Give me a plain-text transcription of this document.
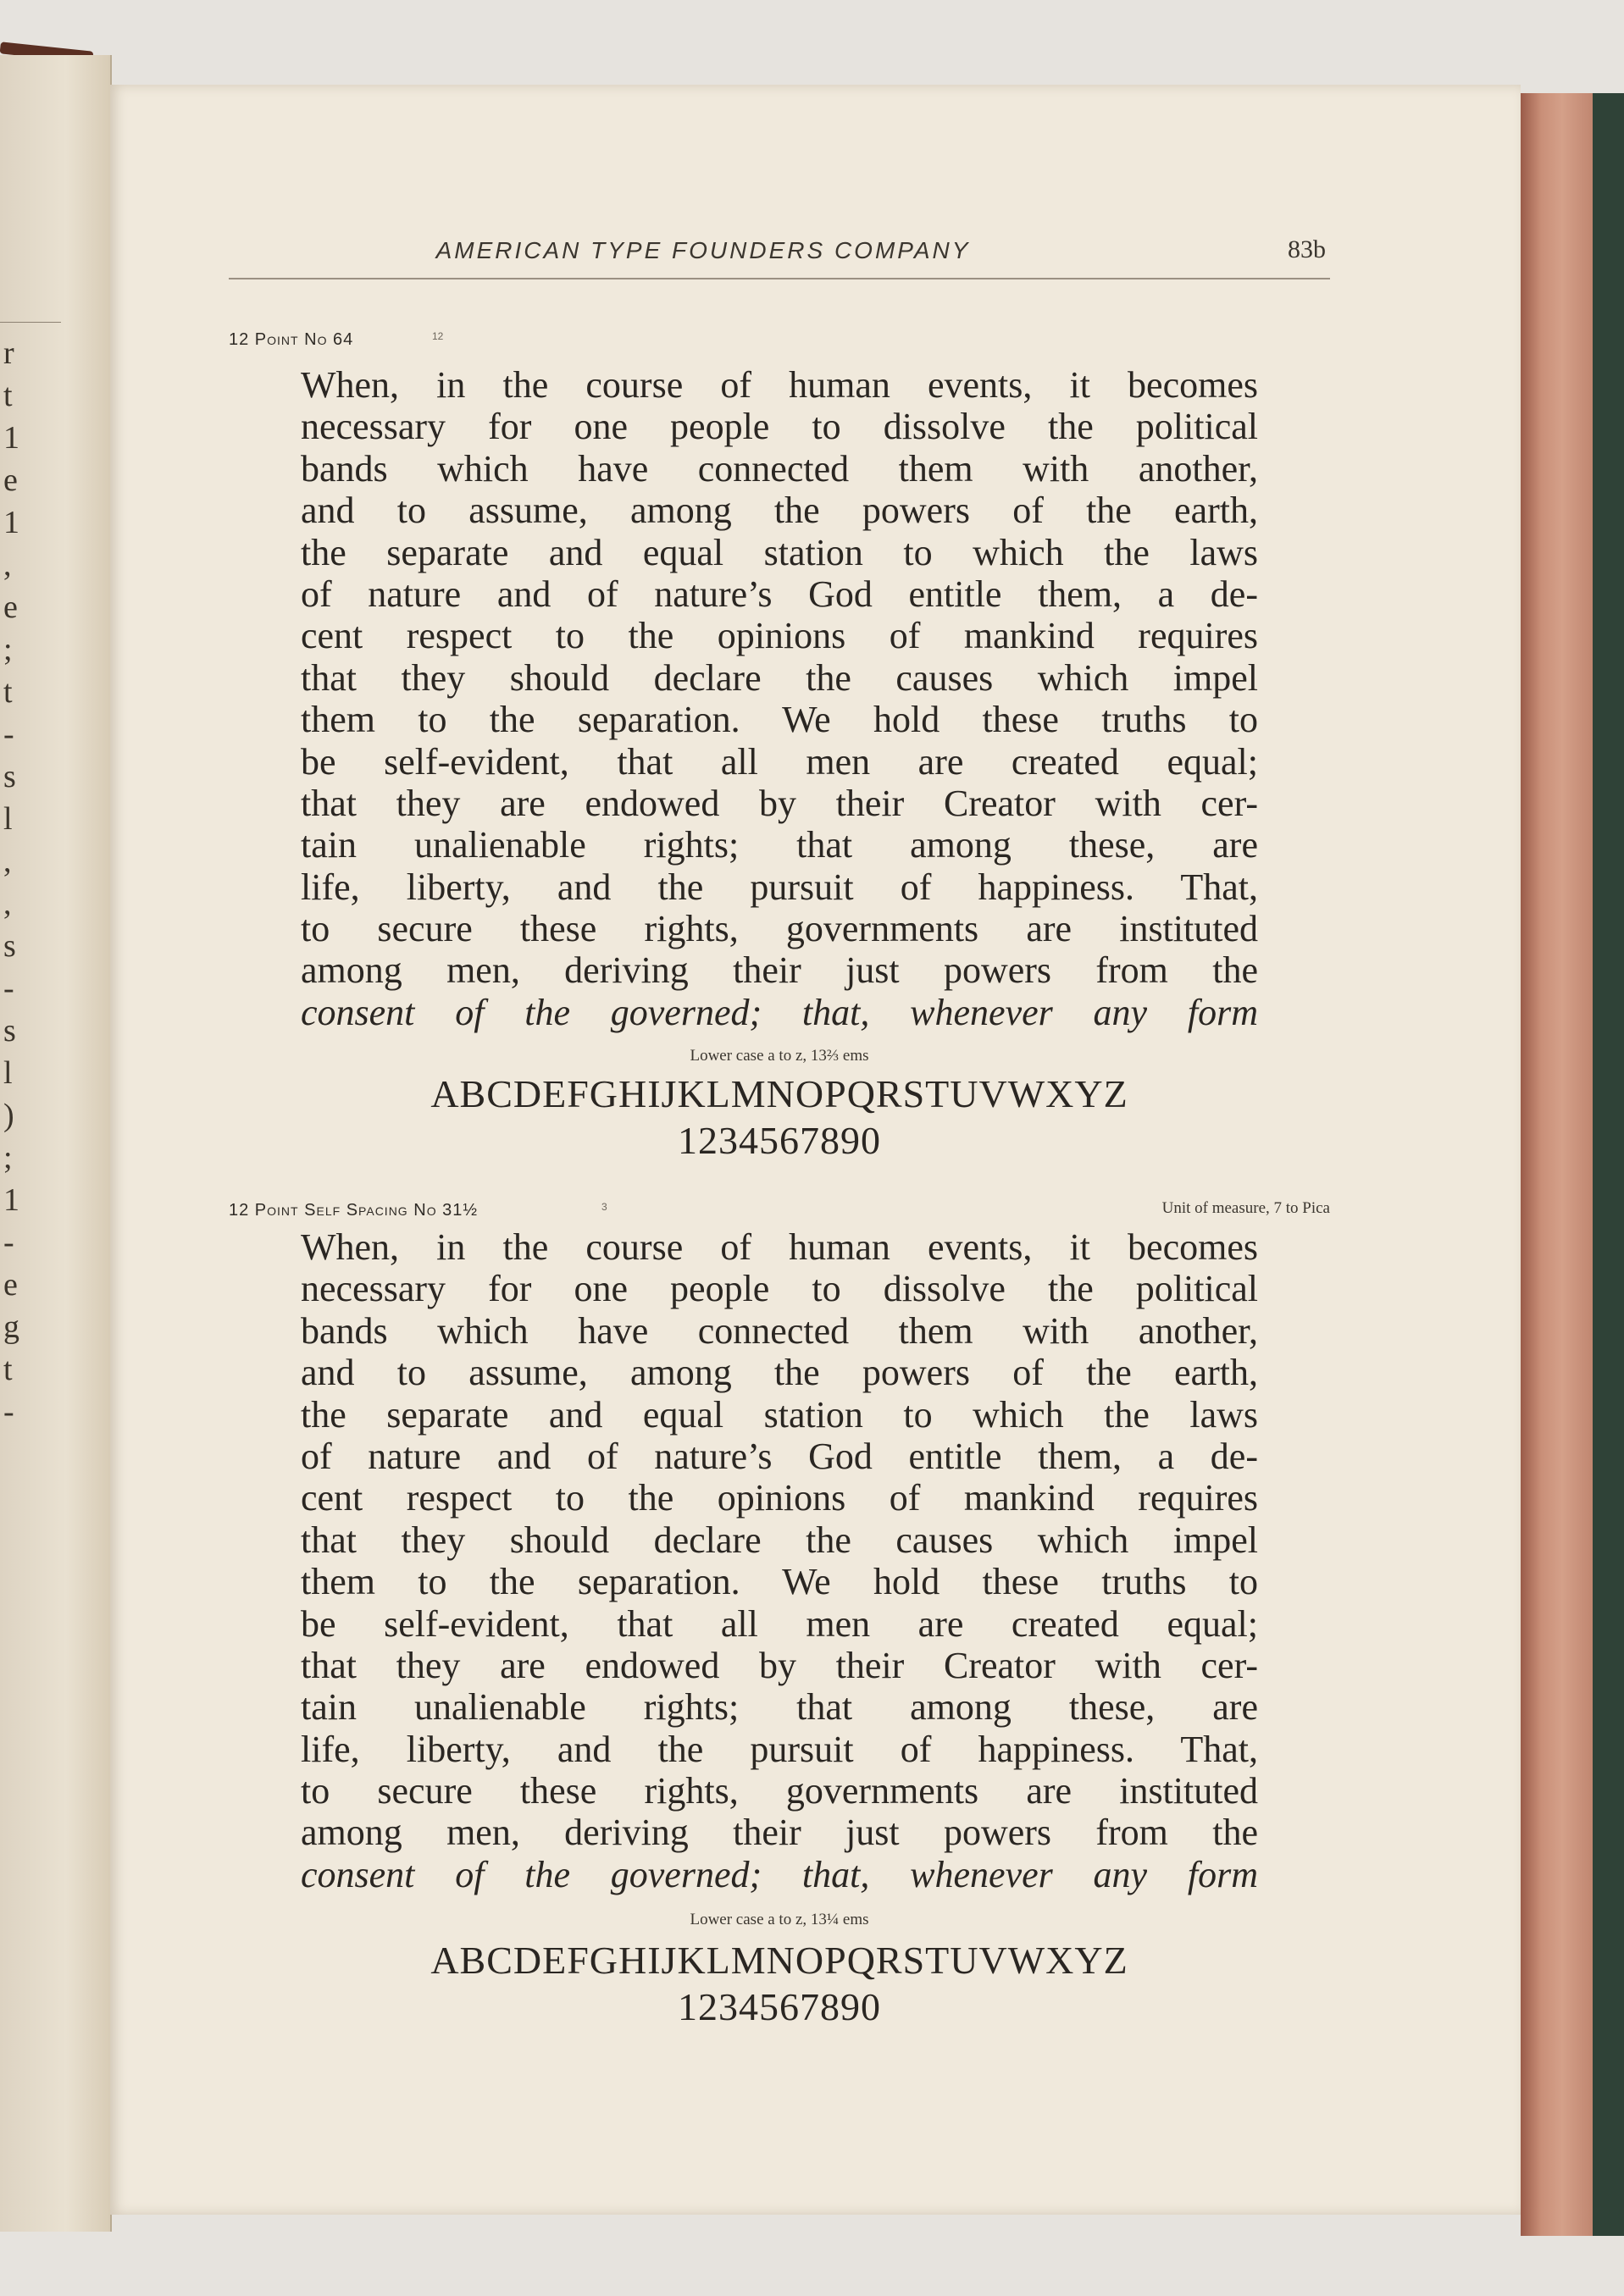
r
t
1
e
1
,
e
;
t
-
s
l
,
,
s
-
s
l
)
;
1
-
e
g
t
-
AMERICAN TYPE FOUNDERS COMPANY	83b
12 Point No 64	12
When, in the course of human events, it becomes
necessary for one people to dissolve the political
bands which have connected them with another,
and to assume, among the powers of the earth,
the separate and equal station to which the laws
of nature and of nature’s God entitle them, a de-
cent respect to the opinions of mankind requires
that they should declare the causes which impel
them to the separation. We hold these truths to
be self-evident, that all men are created equal;
that they are endowed by their Creator with cer-
tain unalienable rights; that among these, are
life, liberty, and the pursuit of happiness. That,
to secure these rights, governments are instituted
among men, deriving their just powers from the
consent of the governed; that, whenever any form
Lower case a to z, 13⅔ ems
ABCDEFGHIJKLMNOPQRSTUVWXYZ
1234567890
12 Point Self Spacing No 31½	3	Unit of measure, 7 to Pica
When, in the course of human events, it becomes
necessary for one people to dissolve the political
bands which have connected them with another,
and to assume, among the powers of the earth,
the separate and equal station to which the laws
of nature and of nature’s God entitle them, a de-
cent respect to the opinions of mankind requires
that they should declare the causes which impel
them to the separation. We hold these truths to
be self-evident, that all men are created equal;
that they are endowed by their Creator with cer-
tain unalienable rights; that among these, are
life, liberty, and the pursuit of happiness. That,
to secure these rights, governments are instituted
among men, deriving their just powers from the
consent of the governed; that, whenever any form
Lower case a to z, 13¼ ems
ABCDEFGHIJKLMNOPQRSTUVWXYZ
1234567890
